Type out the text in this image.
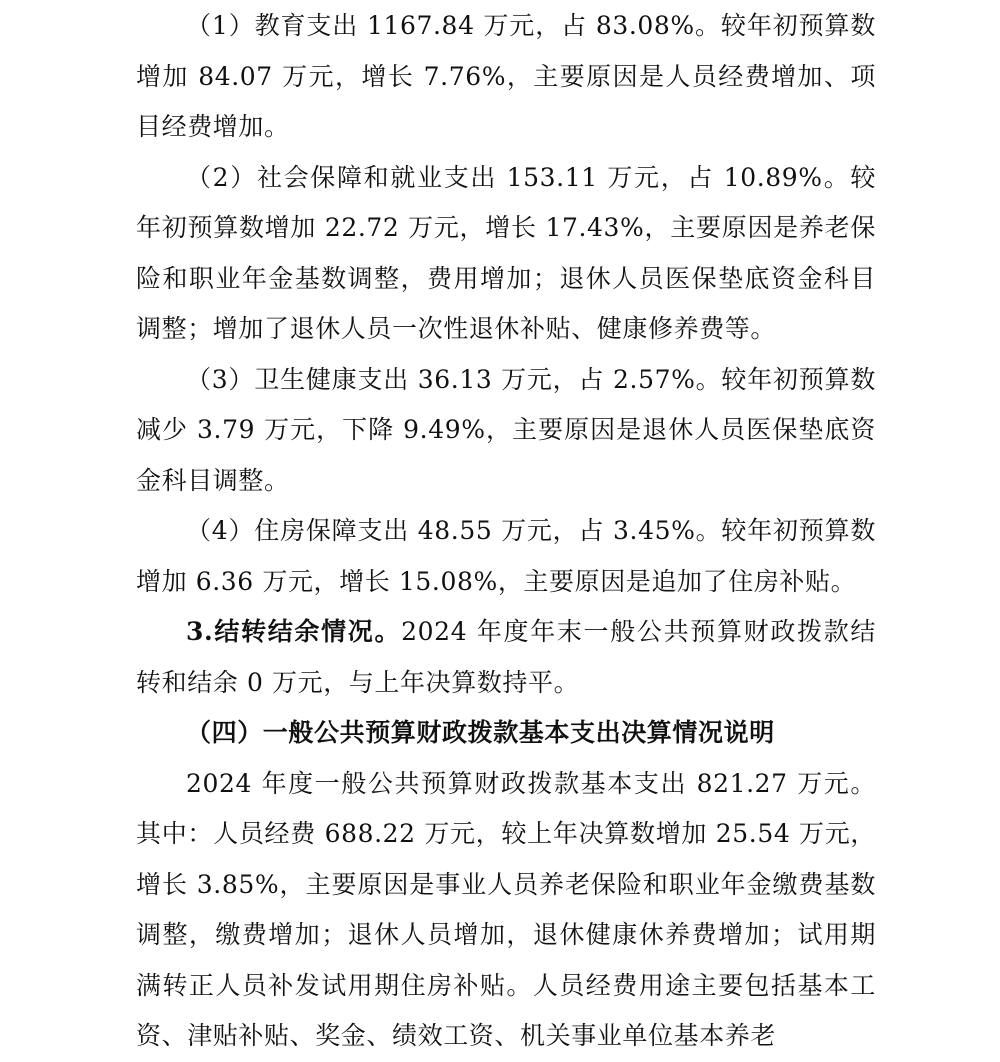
（1）教育支出 1167.84 万元，占 83.08%。较年初预算数增加 84.07 万元，增长 7.76%，主要原因是人员经费增加、项目经费增加。

（2）社会保障和就业支出 153.11 万元，占 10.89%。较年初预算数增加 22.72 万元，增长 17.43%，主要原因是养老保险和职业年金基数调整，费用增加；退休人员医保垫底资金科目调整；增加了退休人员一次性退休补贴、健康修养费等。

（3）卫生健康支出 36.13 万元，占 2.57%。较年初预算数减少 3.79 万元，下降 9.49%，主要原因是退休人员医保垫底资金科目调整。

（4）住房保障支出 48.55 万元，占 3.45%。较年初预算数增加 6.36 万元，增长 15.08%，主要原因是追加了住房补贴。

3.结转结余情况。2024 年度年末一般公共预算财政拨款结转和结余 0 万元，与上年决算数持平。

（四）一般公共预算财政拨款基本支出决算情况说明

2024 年度一般公共预算财政拨款基本支出 821.27 万元。其中：人员经费 688.22 万元，较上年决算数增加 25.54 万元，增长 3.85%，主要原因是事业人员养老保险和职业年金缴费基数调整，缴费增加；退休人员增加，退休健康休养费增加；试用期满转正人员补发试用期住房补贴。人员经费用途主要包括基本工资、津贴补贴、奖金、绩效工资、机关事业单位基本养老
